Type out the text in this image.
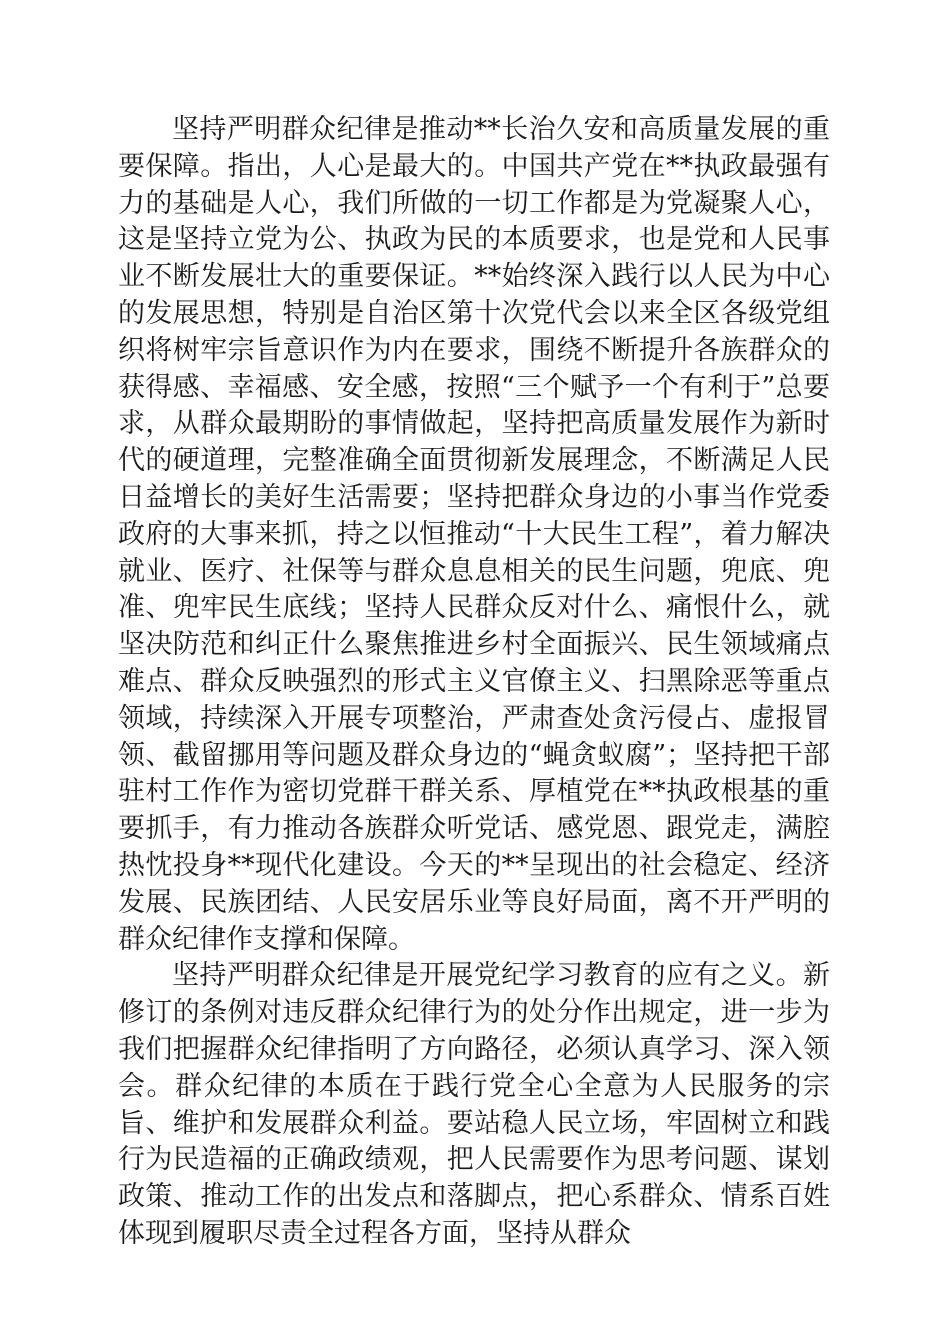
坚持严明群众纪律是推动**长治久安和高质量发展的重要保障。指出，人心是最大的。中国共产党在**执政最强有力的基础是人心，我们所做的一切工作都是为党凝聚人心，这是坚持立党为公、执政为民的本质要求，也是党和人民事业不断发展壮大的重要保证。**始终深入践行以人民为中心的发展思想，特别是自治区第十次党代会以来全区各级党组织将树牢宗旨意识作为内在要求，围绕不断提升各族群众的获得感、幸福感、安全感，按照“三个赋予一个有利于”总要求，从群众最期盼的事情做起，坚持把高质量发展作为新时代的硬道理，完整准确全面贯彻新发展理念，不断满足人民日益增长的美好生活需要；坚持把群众身边的小事当作党委政府的大事来抓，持之以恒推动“十大民生工程”，着力解决就业、医疗、社保等与群众息息相关的民生问题，兜底、兜准、兜牢民生底线；坚持人民群众反对什么、痛恨什么，就坚决防范和纠正什么聚焦推进乡村全面振兴、民生领域痛点难点、群众反映强烈的形式主义官僚主义、扫黑除恶等重点领域，持续深入开展专项整治，严肃查处贪污侵占、虚报冒领、截留挪用等问题及群众身边的“蝇贪蚁腐”；坚持把干部驻村工作作为密切党群干群关系、厚植党在**执政根基的重要抓手，有力推动各族群众听党话、感党恩、跟党走，满腔热忱投身**现代化建设。今天的**呈现出的社会稳定、经济发展、民族团结、人民安居乐业等良好局面，离不开严明的群众纪律作支撑和保障。

坚持严明群众纪律是开展党纪学习教育的应有之义。新修订的条例对违反群众纪律行为的处分作出规定，进一步为我们把握群众纪律指明了方向路径，必须认真学习、深入领会。群众纪律的本质在于践行党全心全意为人民服务的宗旨、维护和发展群众利益。要站稳人民立场，牢固树立和践行为民造福的正确政绩观，把人民需要作为思考问题、谋划政策、推动工作的出发点和落脚点，把心系群众、情系百姓体现到履职尽责全过程各方面，坚持从群众
